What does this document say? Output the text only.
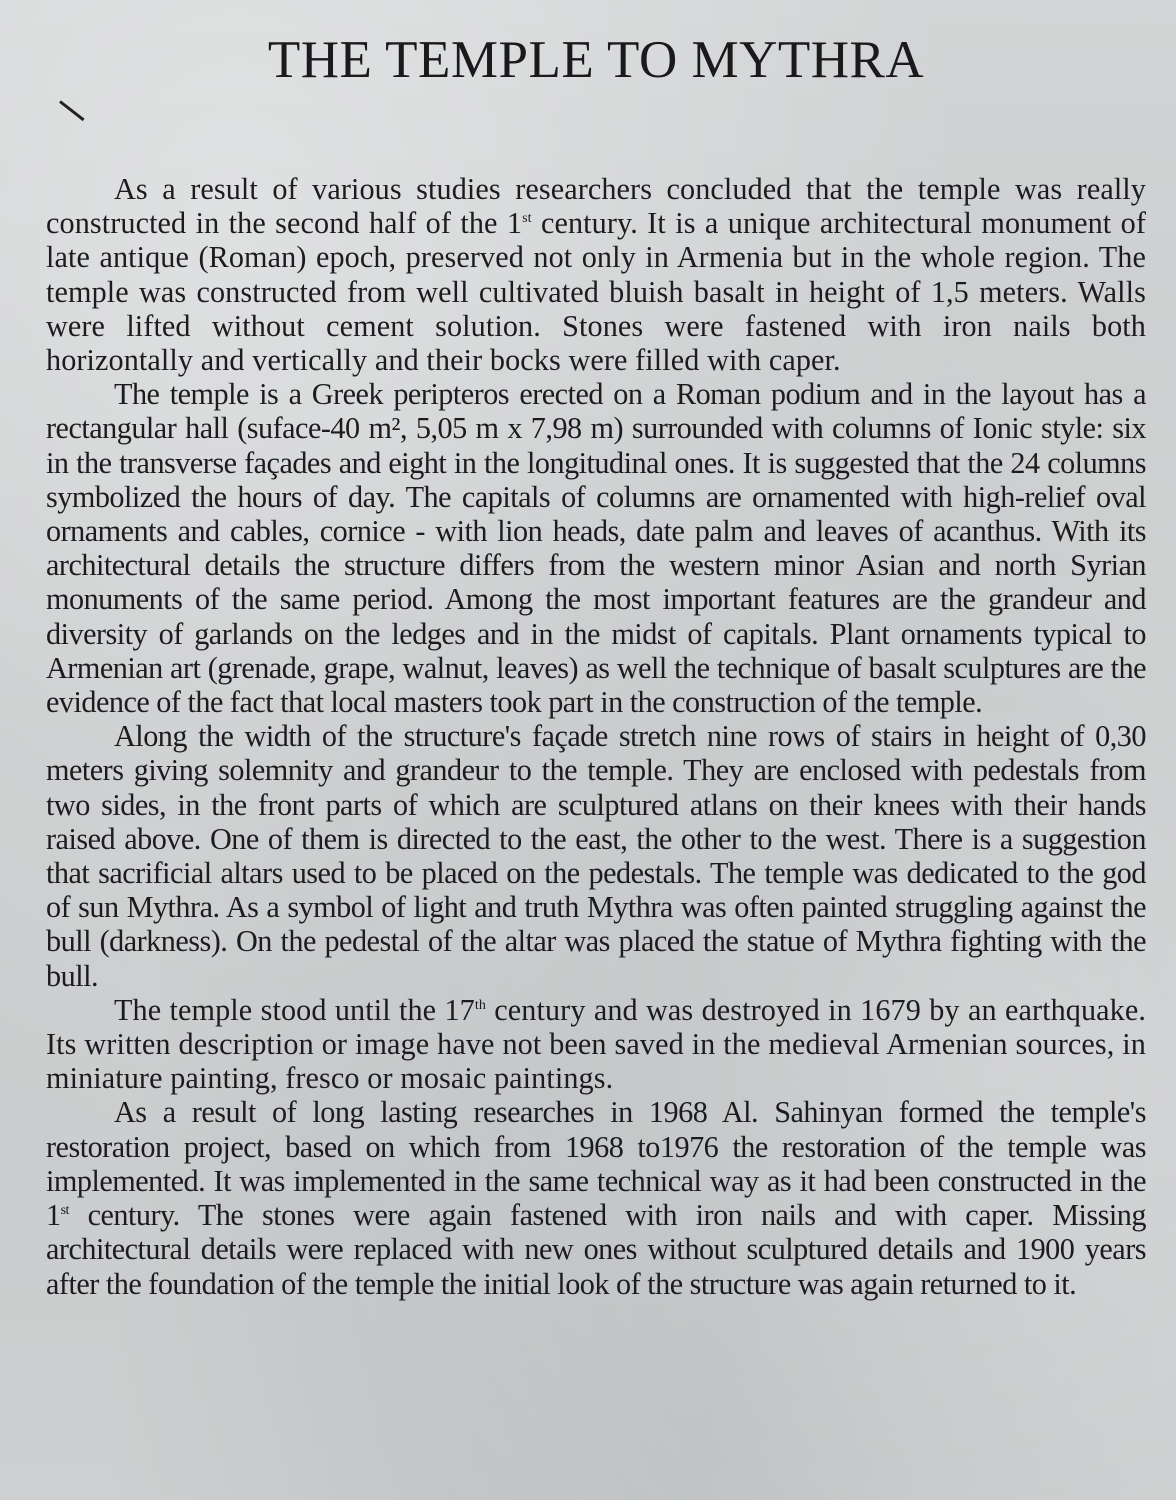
THE TEMPLE TO MYTHRA

As a result of various studies researchers concluded that the temple was really constructed in the second half of the 1st century. It is a unique architectural monument of late antique (Roman) epoch, preserved not only in Armenia but in the whole region. The temple was constructed from well cultivated bluish basalt in height of 1,5 meters. Walls were lifted without cement solution. Stones were fastened with iron nails both horizontally and vertically and their bocks were filled with caper.

The temple is a Greek peripteros erected on a Roman podium and in the layout has a rectangular hall (suface-40 m², 5,05 m x 7,98 m) surrounded with columns of Ionic style: six in the transverse façades and eight in the longitudinal ones. It is suggested that the 24 columns symbolized the hours of day. The capitals of columns are ornamented with high-relief oval ornaments and cables, cornice - with lion heads, date palm and leaves of acanthus. With its architectural details the structure differs from the western minor Asian and north Syrian monuments of the same period. Among the most important features are the grandeur and diversity of garlands on the ledges and in the midst of capitals. Plant ornaments typical to Armenian art (grenade, grape, walnut, leaves) as well the technique of basalt sculptures are the evidence of the fact that local masters took part in the construction of the temple.

Along the width of the structure's façade stretch nine rows of stairs in height of 0,30 meters giving solemnity and grandeur to the temple. They are enclosed with pedestals from two sides, in the front parts of which are sculptured atlans on their knees with their hands raised above. One of them is directed to the east, the other to the west. There is a suggestion that sacrificial altars used to be placed on the pedestals. The temple was dedicated to the god of sun Mythra. As a symbol of light and truth Mythra was often painted struggling against the bull (darkness). On the pedestal of the altar was placed the statue of Mythra fighting with the bull.

The temple stood until the 17th century and was destroyed in 1679 by an earthquake. Its written description or image have not been saved in the medieval Armenian sources, in miniature painting, fresco or mosaic paintings.

As a result of long lasting researches in 1968 Al. Sahinyan formed the temple's restoration project, based on which from 1968 to1976 the restoration of the temple was implemented. It was implemented in the same technical way as it had been constructed in the 1st century. The stones were again fastened with iron nails and with caper. Missing architectural details were replaced with new ones without sculptured details and 1900 years after the foundation of the temple the initial look of the structure was again returned to it.
